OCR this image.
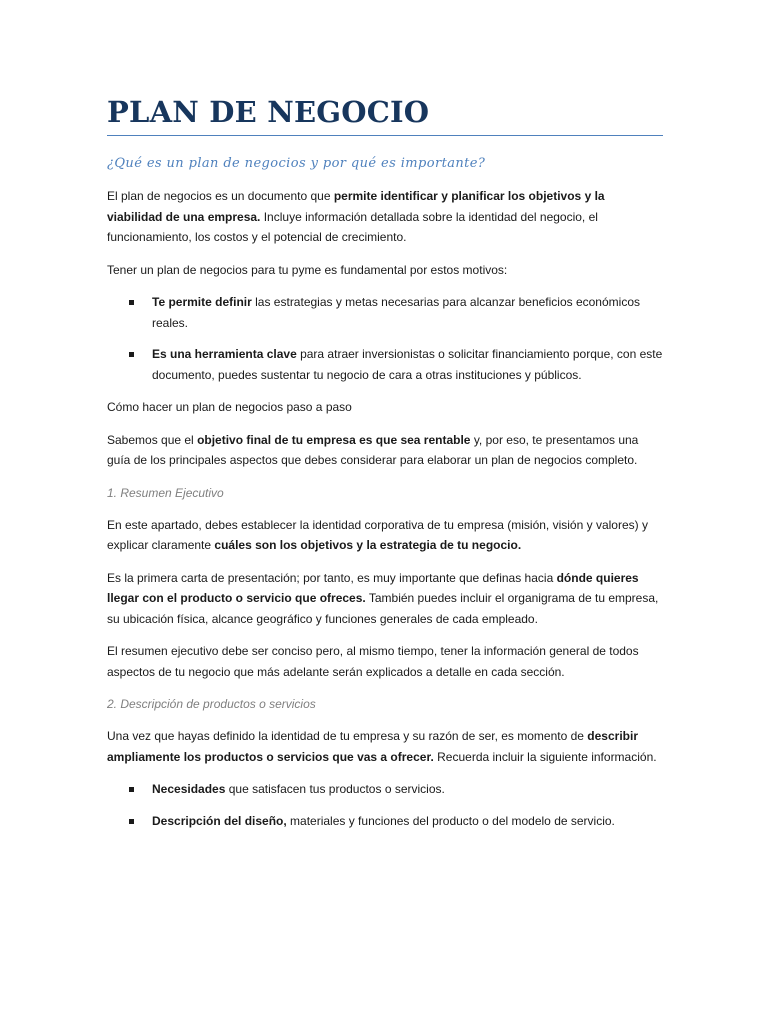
PLAN DE NEGOCIO
¿Qué es un plan de negocios y por qué es importante?

El plan de negocios es un documento que permite identificar y planificar los objetivos y la viabilidad de una empresa. Incluye información detallada sobre la identidad del negocio, el funcionamiento, los costos y el potencial de crecimiento.

Tener un plan de negocios para tu pyme es fundamental por estos motivos:

Te permite definir las estrategias y metas necesarias para alcanzar beneficios económicos reales.
Es una herramienta clave para atraer inversionistas o solicitar financiamiento porque, con este documento, puedes sustentar tu negocio de cara a otras instituciones y públicos.

Cómo hacer un plan de negocios paso a paso

Sabemos que el objetivo final de tu empresa es que sea rentable y, por eso, te presentamos una guía de los principales aspectos que debes considerar para elaborar un plan de negocios completo.

1. Resumen Ejecutivo

En este apartado, debes establecer la identidad corporativa de tu empresa (misión, visión y valores) y explicar claramente cuáles son los objetivos y la estrategia de tu negocio.

Es la primera carta de presentación; por tanto, es muy importante que definas hacia dónde quieres llegar con el producto o servicio que ofreces. También puedes incluir el organigrama de tu empresa, su ubicación física, alcance geográfico y funciones generales de cada empleado.

El resumen ejecutivo debe ser conciso pero, al mismo tiempo, tener la información general de todos aspectos de tu negocio que más adelante serán explicados a detalle en cada sección.

2. Descripción de productos o servicios

Una vez que hayas definido la identidad de tu empresa y su razón de ser, es momento de describir ampliamente los productos o servicios que vas a ofrecer. Recuerda incluir la siguiente información.

Necesidades que satisfacen tus productos o servicios.
Descripción del diseño, materiales y funciones del producto o del modelo de servicio.
